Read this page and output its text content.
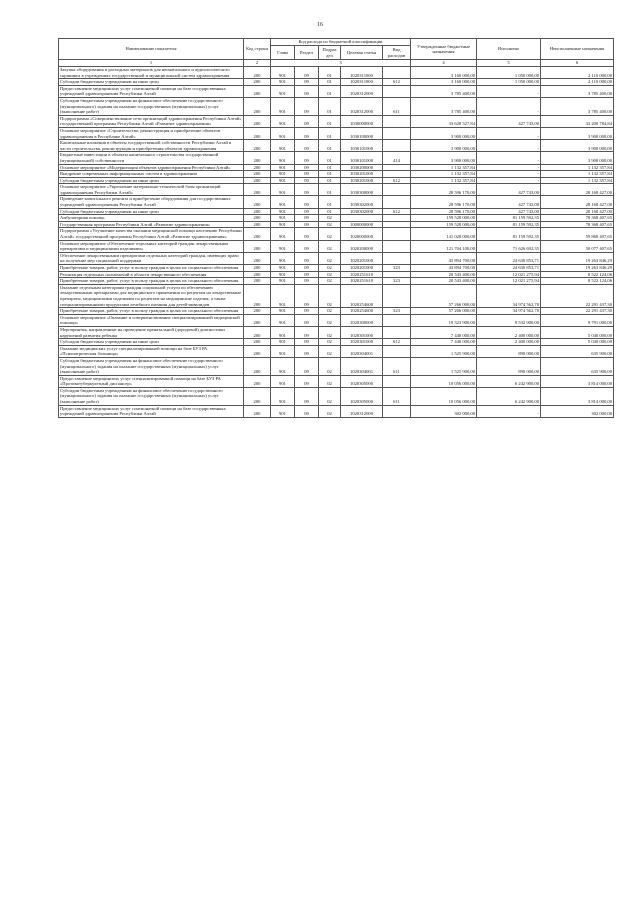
16
Наименование показателя	Код строки	Код расхода по бюджетной классификации					Утвержденные бюджетные назначения	Исполнено	Неисполненные назначения
		Глава	Раздел	Подраз дел	Целевая статья	Вид расходов			
1	2	3					4	5	6
Закупка оборудования и расходных материалов для неонатального и аудиологического скрининга в учреждениях государственной и муниципальной систем здравоохранения	200	901	09	01	1020311000		3 160 000,00	1 050 000,00	2 110 000,00
Субсидии бюджетным учреждениям на иные цели	200	901	09	01	1020311000	612	3 160 000,00	1 050 000,00	2 110 000,00
Предоставление медицинских услуг платнонатной помощи на базе государственных учреждений здравоохранения Республики Алтай	200	901	09	01	1020312000		3 785 400,00	-	3 785 400,00
Субсидии бюджетным учреждениям на финансовое обеспечение государственного (муниципального) задания на оказание государственных (муниципальных) услуг (выполнение работ)	200	901	09	01	1020312000	611	3 785 400,00	-	3 785 400,00
Подпрограмма «Совершенствование сети организаций здравоохранения Республики Алтай» государственной программы Республики Алтай «Развитие здравоохранения»	200	901	09	01	1030000000		33 628 527,84	427 743,00	33 200 784,84
Основное мероприятие «Строительство, реконструкция и приобретение объектов здравоохранения в Республике Алтай»	200	901	09	01	1030100000		3 900 000,00	-	3 900 000,00
Капитальные вложения в объекты государственной собственности Республики Алтай в части строительства, реконструкции и приобретения объектов здравоохранения	200	901	09	01	1030101000		3 900 000,00	-	3 900 000,00
Бюджетные инвестиции в объекты капитального строительства государственной (муниципальной) собственности	200	901	09	01	1030101000	414	3 900 000,00	-	3 900 000,00
Основное мероприятие «Модернизация объектов здравоохранения Республики Алтай»	200	901	09	01	1030200000		1 132 357,84	-	1 132 357,84
Внедрение современных информационных систем в здравоохранении	200	901	09	01	1030201000		1 132 357,84	-	1 132 357,84
Субсидии бюджетным учреждениям на иные цели	200	901	09	01	1030201000	612	1 132 357,84	-	1 132 357,84
Основное мероприятие «Укрепление материально-технической базы организаций здравоохранения Республики Алтай»	200	901	09	01	1030300000		28 596 170,00	427 743,00	28 168 427,00
Проведение капитального ремонта и приобретение оборудования для государственных учреждений здравоохранения Республики Алтай	200	901	09	01	1030302000		28 596 170,00	427 743,00	28 168 427,00
Субсидии бюджетным учреждениям на иные цели	200	901	09	01	1030302000	612	28 596 170,00	427 743,00	28 168 427,00
Амбулаторная помощь	200	901	09	02			159 528 000,00	81 159 592,35	78 368 407,65
Государственная программа Республики Алтай «Развитие здравоохранения»	200	901	09	02	1000000000		159 528 000,00	81 159 592,35	78 368 407,65
Подпрограмма «Улучшение качества оказания медицинской помощи населению Республики Алтай» государственной программы Республики Алтай «Развитие здравоохранения»	200	901	09	02	1020000000		141 028 000,00	81 159 592,35	59 868 407,65
Основное мероприятие «Обеспечение отдельных категорий граждан лекарственными препаратами и медицинскими изделиями»	200	901	09	02	1020200000		121 704 100,00	71 626 692,35	50 077 407,65
Обеспечение лекарственными препаратами отдельных категорий граждан, имеющих право на получение мер социальной поддержки	200	901	09	02	1020201000		43 894 700,00	24 630 853,71	19 263 846,29
Приобретение товаров, работ, услуг в пользу граждан в целях их социального обеспечения	200	901	09	02	1020201000	323	43 894 700,00	24 630 853,71	19 263 846,29
Реализация отдельных полномочий в области лекарственного обеспечения	200	901	09	02	1020251610		20 543 400,00	12 021 275,94	8 522 124,06
Приобретение товаров, работ, услуг в пользу граждан в целях их социального обеспечения	200	901	09	02	1020251610	323	20 543 400,00	12 021 275,94	8 522 124,06
Оказание отдельным категориям граждан социальной услуги по обеспечению лекарственными препаратами для медицинского применения по рецептам на лекарственные препараты, медицинскими изделиями по рецептам на медицинские изделия, а также специализированными продуктами лечебного питания для детей-инвалидов	200	901	09	02	1020254600		57 266 000,00	34 974 562,70	22 291 437,30
Приобретение товаров, работ, услуг в пользу граждан в целях их социального обеспечения	200	901	09	02	1020254600	323	57 266 000,00	34 974 562,70	22 291 437,30
Основное мероприятие «Оказание и совершенствование специализированной медицинской помощи»	200	901	09	02	1020300000		19 323 900,00	9 532 900,00	9 791 000,00
Мероприятия, направленные на проведение пренатальной (дородовой) диагностики нарушений развития ребенка	200	901	09	02	1020301000		7 440 000,00	2 400 000,00	5 040 000,00
Субсидии бюджетным учреждениям на иные цели	200	901	09	02	1020301000	612	7 440 000,00	2 400 000,00	5 040 000,00
Оказание медицинских услуг специализированной помощи на базе БУЗ РА «Психиатрическая больница»	200	901	09	02	1020304001		1 525 900,00	890 000,00	635 900,00
Субсидии бюджетным учреждениям на финансовое обеспечение государственного (муниципального) задания на оказание государственных (муниципальных) услуг (выполнение работ)	200	901	09	02	1020304001	611	1 525 900,00	890 000,00	635 900,00
Предоставление медицинских услуг специализированной помощи на базе БУЗ РА «Противотуберкулезный диспансер»	200	901	09	02	1020305000		10 056 000,00	6 242 900,00	3 814 000,00
Субсидии бюджетным учреждениям на финансовое обеспечение государственного (муниципального) задания на оказание государственных (муниципальных) услуг (выполнение работ)	200	901	09	02	1020305000	611	10 056 000,00	6 242 900,00	3 814 000,00
Предоставление медицинских услуг платнонатной помощи на базе государственных учреждений здравоохранения Республики Алтай	200	901	09	02	1020312000		302 000,00	-	302 000,00
